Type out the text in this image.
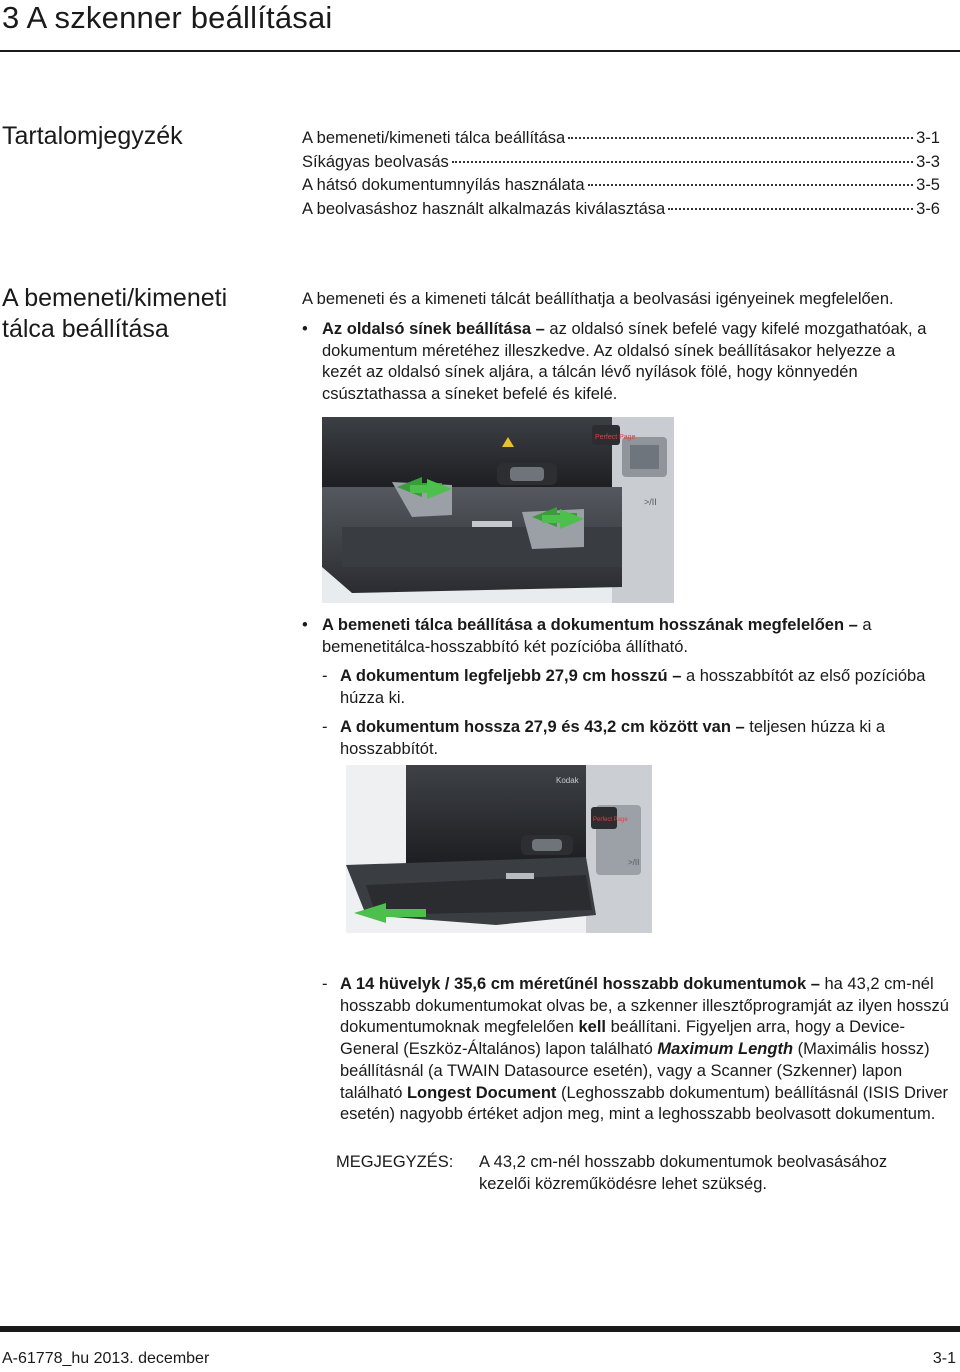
3 A szkenner beállításai
Tartalomjegyzék	A bemeneti/kimeneti tálca beállítása	3-1
Síkágyas beolvasás	3-3
A hátsó dokumentumnyílás használata	3-5
A beolvasáshoz használt alkalmazás kiválasztása	3-6
A bemeneti/kimeneti
tálca beállítása

A bemeneti és a kimeneti tálcát beállíthatja a beolvasási igényeinek megfelelően.

• Az oldalsó sínek beállítása – az oldalsó sínek befelé vagy kifelé mozgathatóak, a dokumentum méretéhez illeszkedve. Az oldalsó sínek beállításakor helyezze a kezét az oldalsó sínek aljára, a tálcán lévő nyílások fölé, hogy könnyedén csúsztathassa a síneket befelé és kifelé.

Perfect Page
>/II
• A bemeneti tálca beállítása a dokumentum hosszának megfelelően – a bemenetitálca-hosszabbító két pozícióba állítható.

- A dokumentum legfeljebb 27,9 cm hosszú – a hosszabbítót az első pozícióba húzza ki.

- A dokumentum hossza 27,9 és 43,2 cm között van – teljesen húzza ki a hosszabbítót.

Perfect Page
Kodak
>/II
- A 14 hüvelyk / 35,6 cm méretűnél hosszabb dokumentumok – ha 43,2 cm-nél hosszabb dokumentumokat olvas be, a szkenner illesztőprogramját az ilyen hosszú dokumentumoknak megfelelően kell beállítani. Figyeljen arra, hogy a Device-General (Eszköz-Általános) lapon található Maximum Length (Maximális hossz) beállításnál (a TWAIN Datasource esetén), vagy a Scanner (Szkenner) lapon található Longest Document (Leghosszabb dokumentum) beállításnál (ISIS Driver esetén) nagyobb értéket adjon meg, mint a leghosszabb beolvasott dokumentum.

MEGJEGYZÉS: A 43,2 cm-nél hosszabb dokumentumok beolvasásához kezelői közreműködésre lehet szükség.

A-61778_hu 2013. december	3-1
